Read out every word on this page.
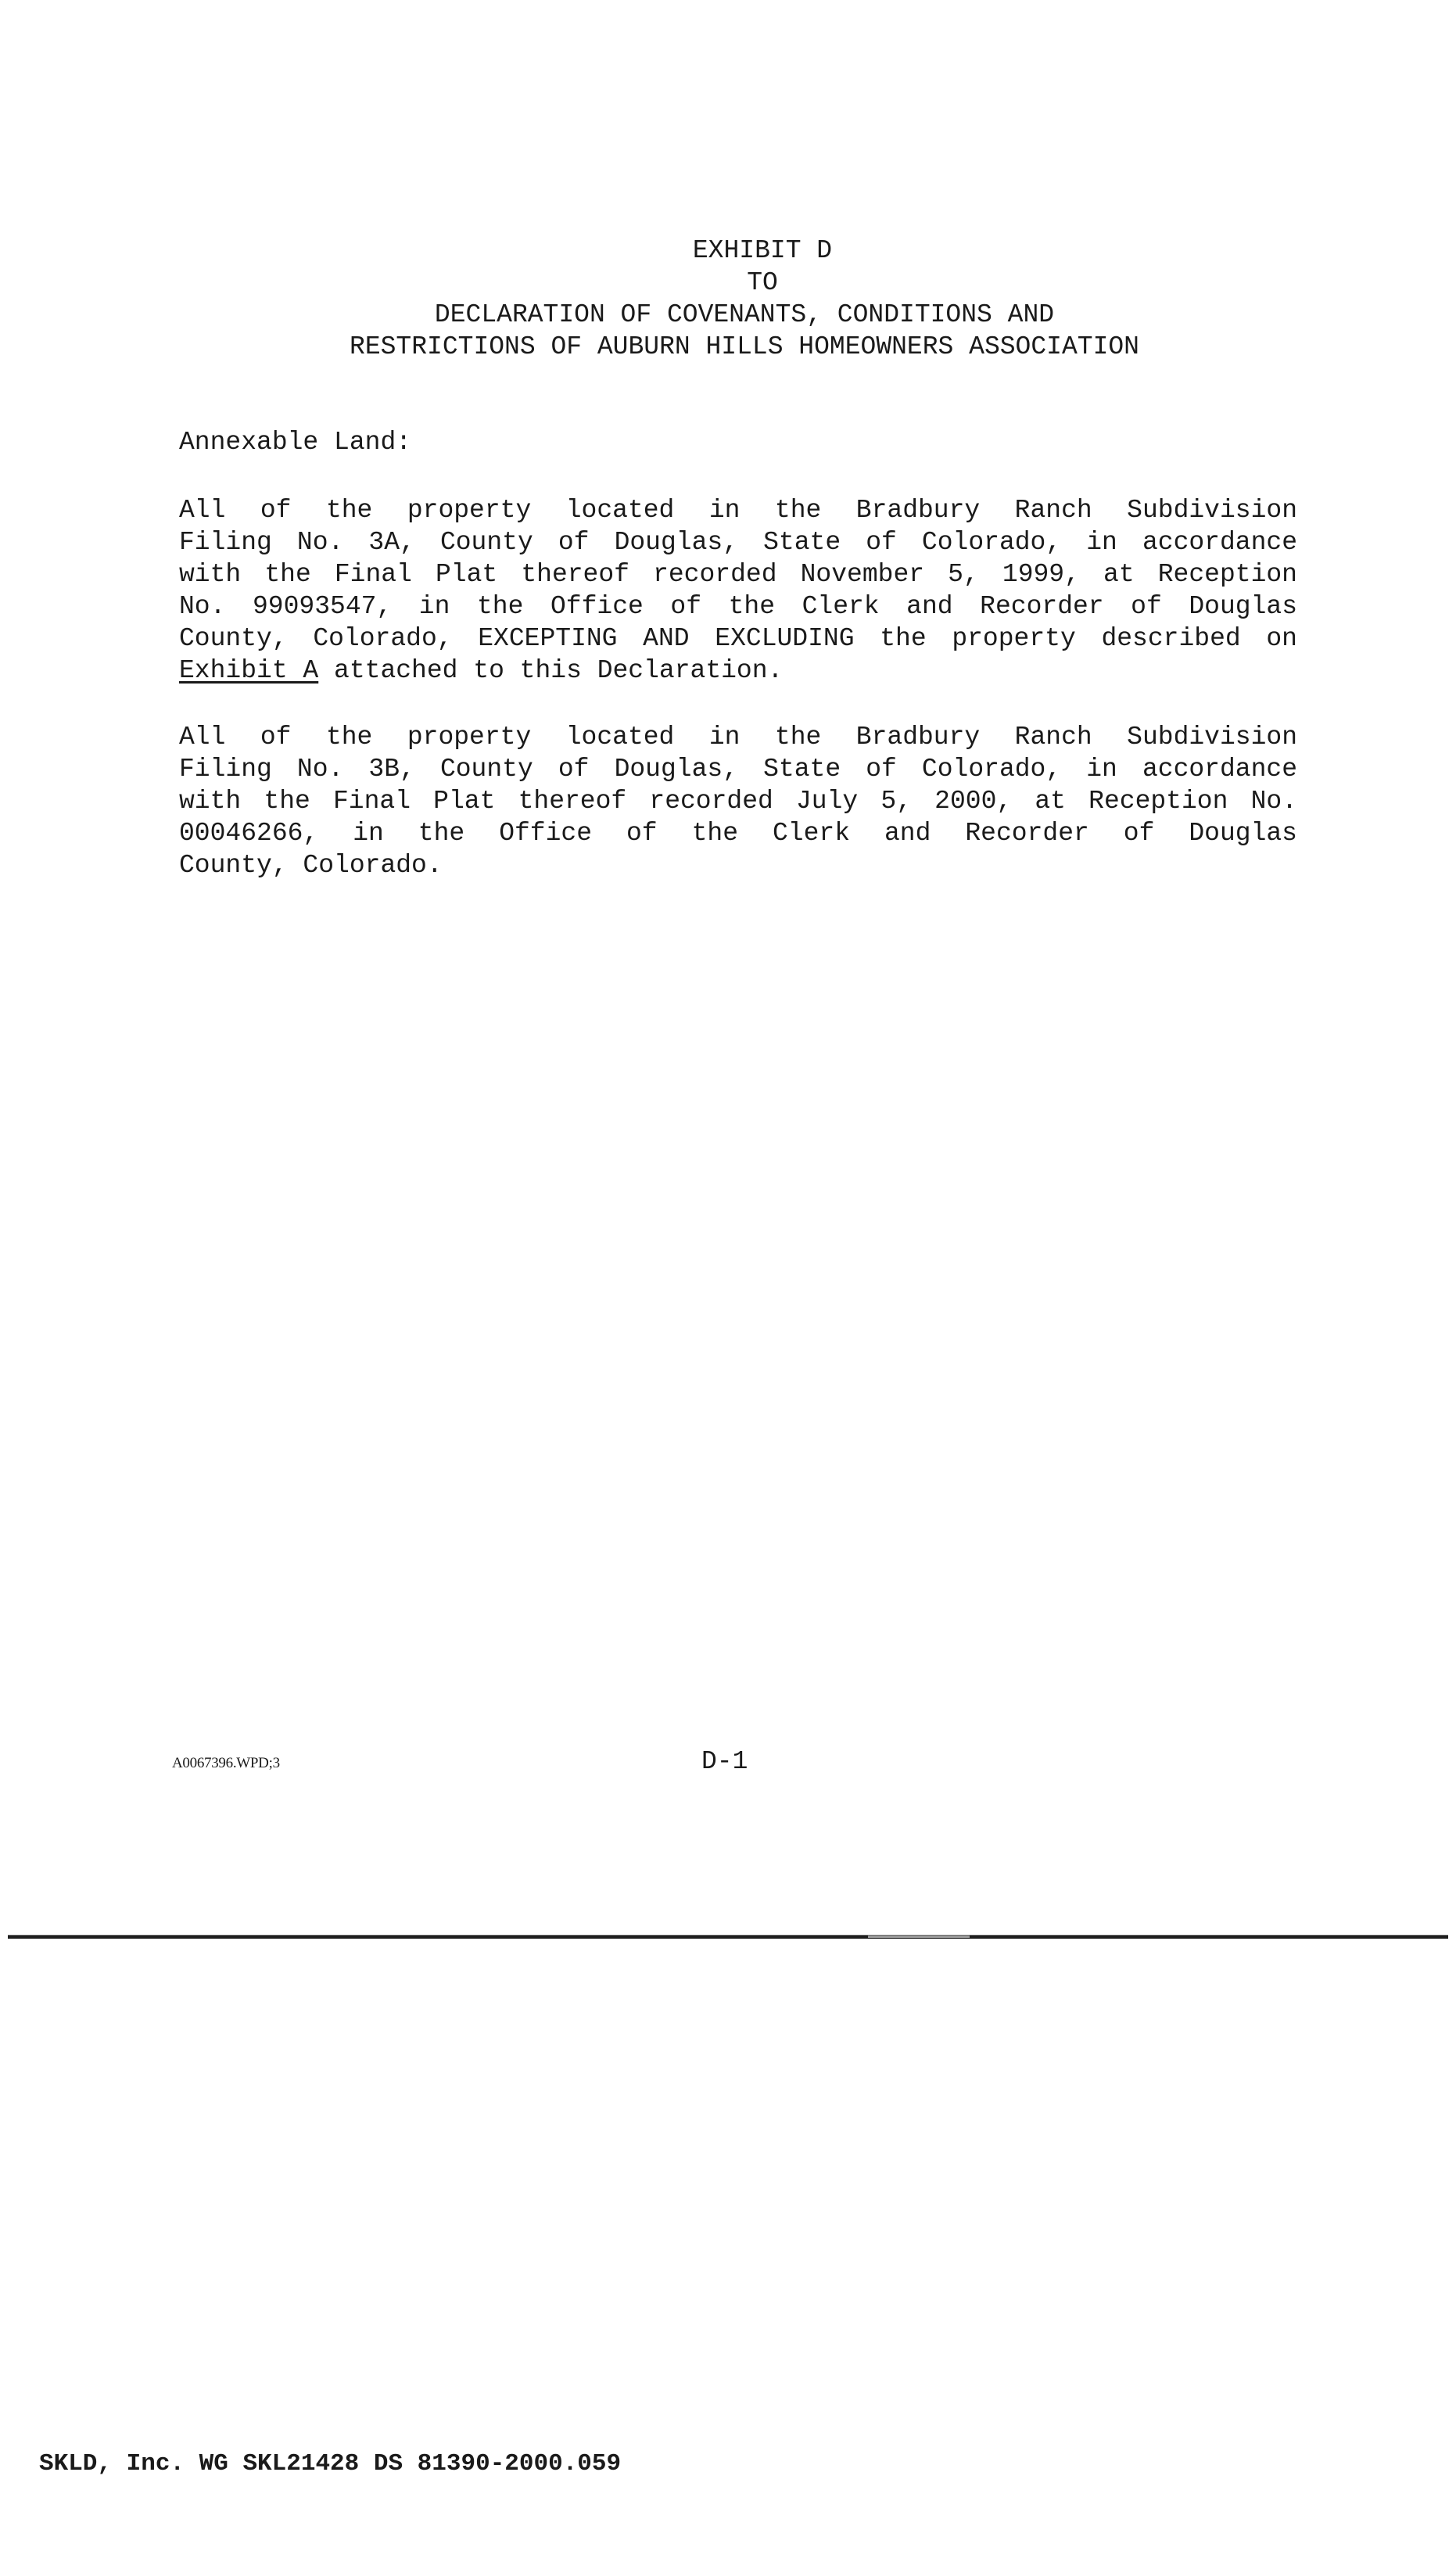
EXHIBIT D
TO
DECLARATION OF COVENANTS, CONDITIONS AND
RESTRICTIONS OF AUBURN HILLS HOMEOWNERS ASSOCIATION
Annexable Land:
All of the property located in the Bradbury Ranch Subdivision
Filing No. 3A, County of Douglas, State of Colorado, in accordance
with the Final Plat thereof recorded November 5, 1999, at Reception
No. 99093547, in the Office of the Clerk and Recorder of Douglas
County, Colorado, EXCEPTING AND EXCLUDING the property described on
Exhibit A attached to this Declaration.
All of the property located in the Bradbury Ranch Subdivision
Filing No. 3B, County of Douglas, State of Colorado, in accordance
with the Final Plat thereof recorded July 5, 2000, at Reception No.
00046266, in the Office of the Clerk and Recorder of Douglas
County, Colorado.
A0067396.WPD;3	D-1
SKLD, Inc. WG SKL21428 DS 81390-2000.059
